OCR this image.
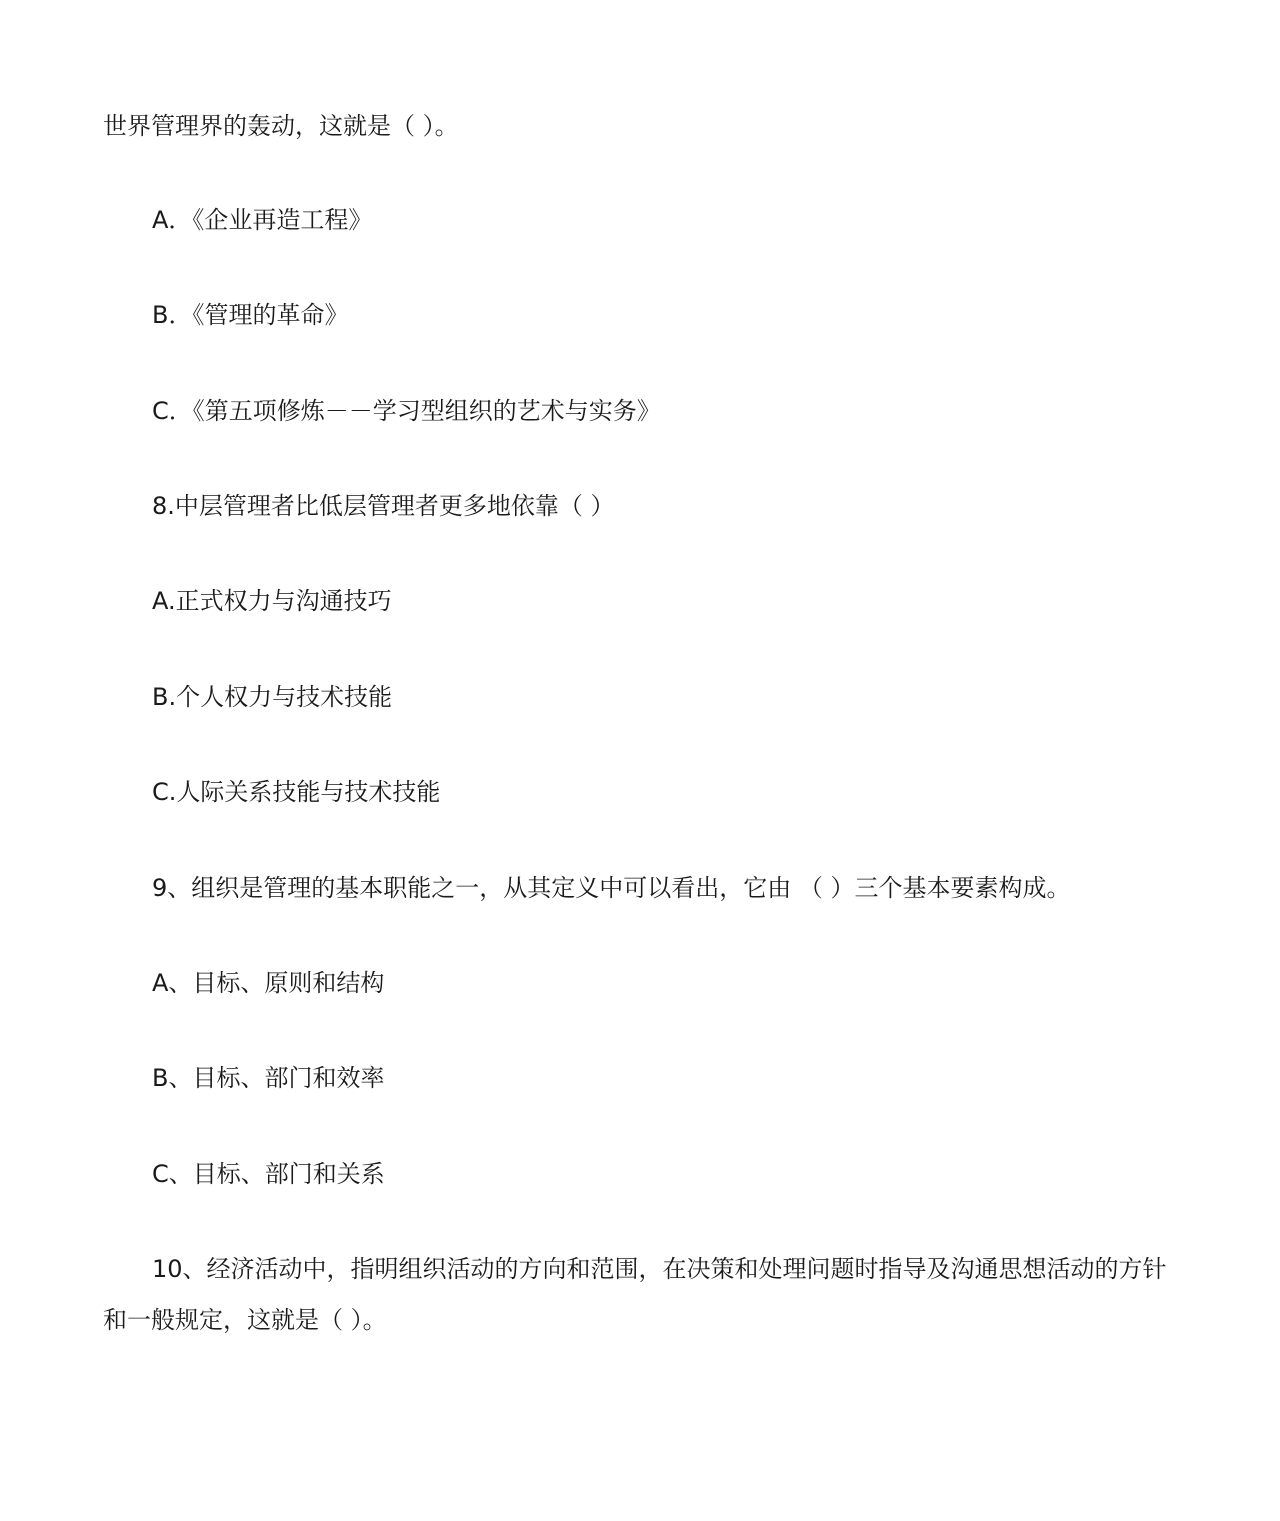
世界管理界的轰动，这就是（ ）。

A．《企业再造工程》

B．《管理的革命》

C．《第五项修炼－－学习型组织的艺术与实务》

8.中层管理者比低层管理者更多地依靠（ ）

A.正式权力与沟通技巧

B.个人权力与技术技能

C.人际关系技能与技术技能

9、组织是管理的基本职能之一，从其定义中可以看出，它由 （ ）三个基本要素构成。

A、目标、原则和结构

B、目标、部门和效率

C、目标、部门和关系

10、经济活动中，指明组织活动的方向和范围，在决策和处理问题时指导及沟通思想活动的方针

和一般规定，这就是（ ）。
